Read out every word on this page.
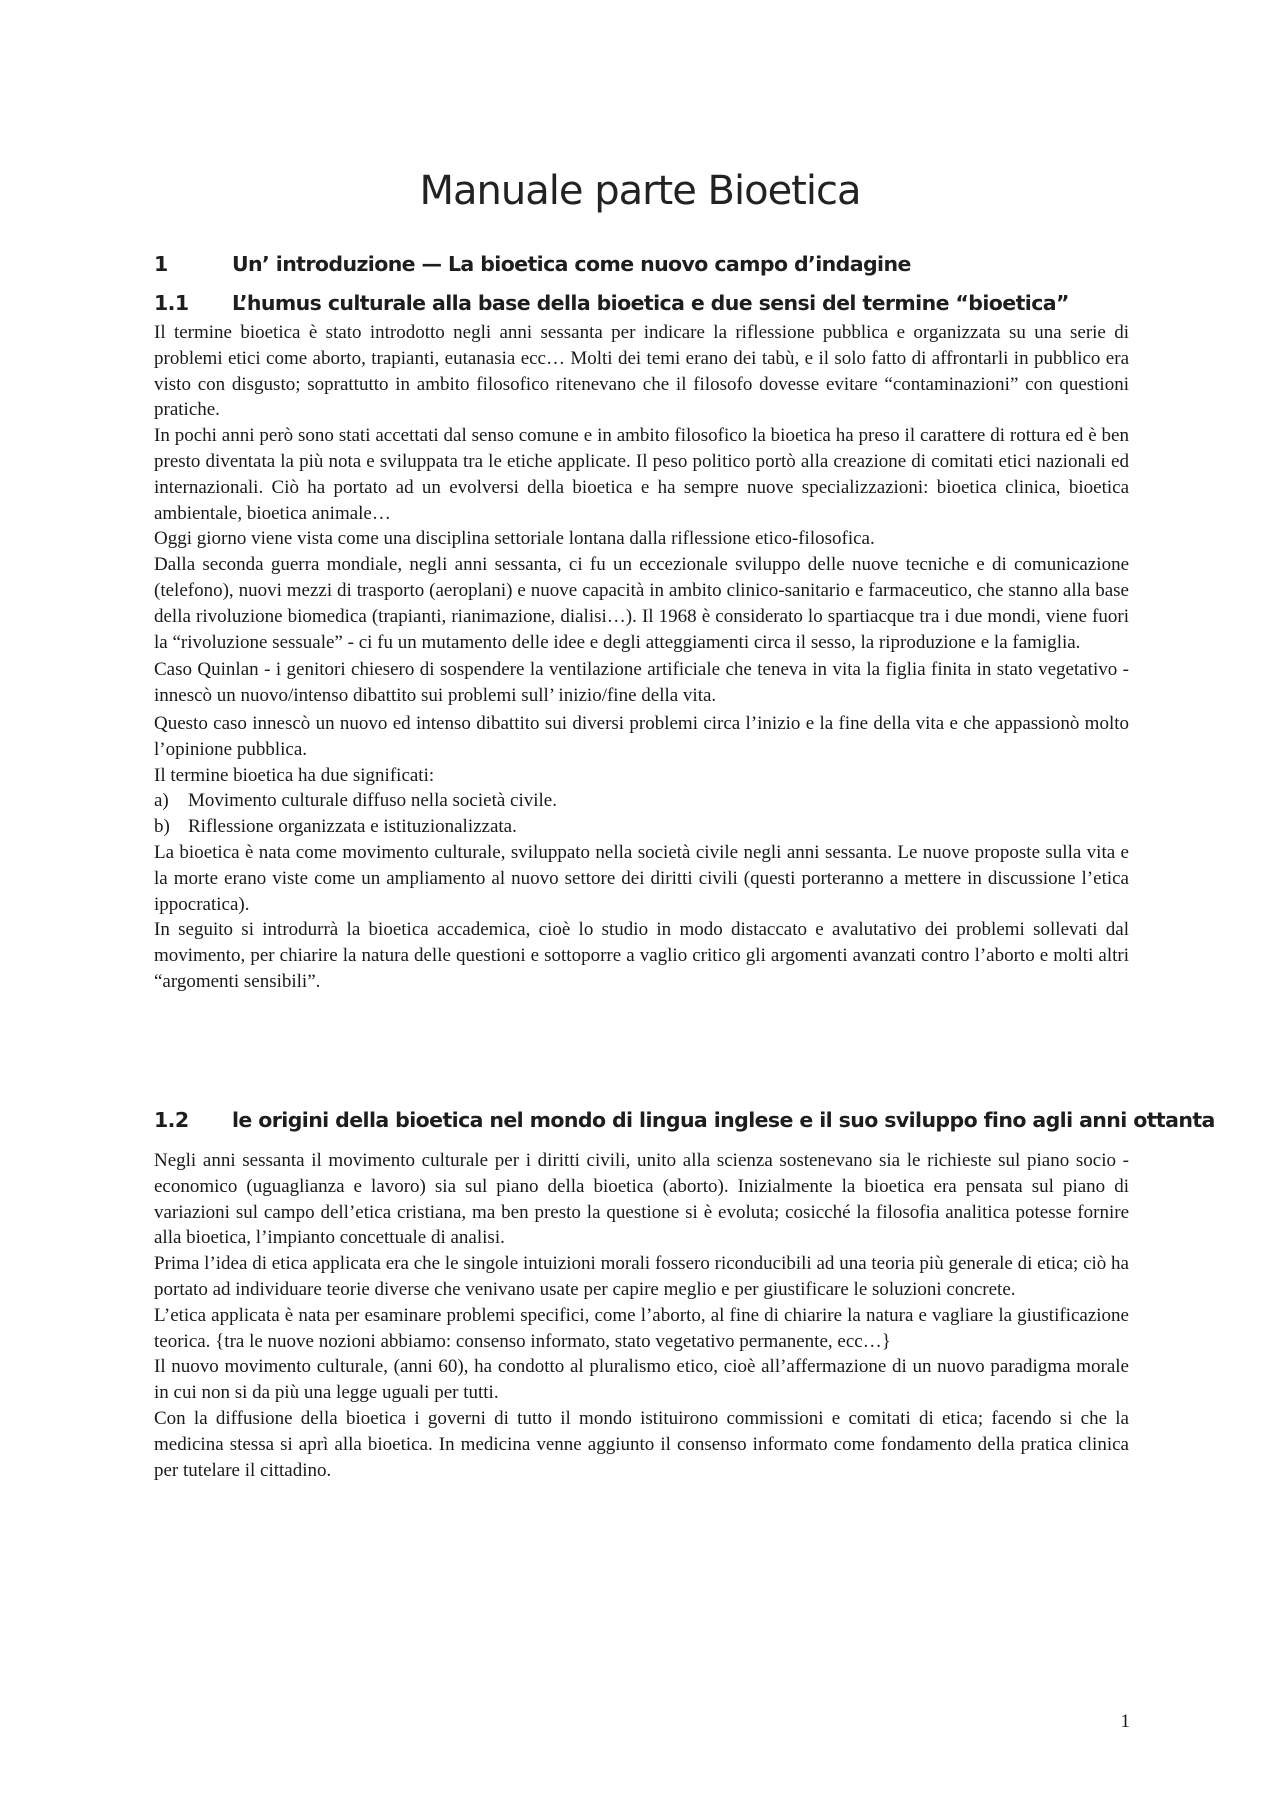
Manuale parte Bioetica
1	Un’ introduzione — La bioetica come nuovo campo d’indagine
1.1 L’humus culturale alla base della bioetica e due sensi del termine “bioetica”

Il termine bioetica è stato introdotto negli anni sessanta per indicare la riflessione pubblica e organizzata su una serie di problemi etici come aborto, trapianti, eutanasia ecc… Molti dei temi erano dei tabù, e il solo fatto di affrontarli in pubblico era visto con disgusto; soprattutto in ambito filosofico ritenevano che il filosofo dovesse evitare “contaminazioni” con questioni pratiche.

In pochi anni però sono stati accettati dal senso comune e in ambito filosofico la bioetica ha preso il carattere di rottura ed è ben presto diventata la più nota e sviluppata tra le etiche applicate. Il peso politico portò alla creazione di comitati etici nazionali ed internazionali. Ciò ha portato ad un evolversi della bioetica e ha sempre nuove specializzazioni: bioetica clinica, bioetica ambientale, bioetica animale…

Oggi giorno viene vista come una disciplina settoriale lontana dalla riflessione etico-filosofica.

Dalla seconda guerra mondiale, negli anni sessanta, ci fu un eccezionale sviluppo delle nuove tecniche e di comunicazione (telefono), nuovi mezzi di trasporto (aeroplani) e nuove capacità in ambito clinico-sanitario e farmaceutico, che stanno alla base della rivoluzione biomedica (trapianti, rianimazione, dialisi…). Il 1968 è considerato lo spartiacque tra i due mondi, viene fuori la “rivoluzione sessuale” - ci fu un mutamento delle idee e degli atteggiamenti circa il sesso, la riproduzione e la famiglia.

Caso Quinlan - i genitori chiesero di sospendere la ventilazione artificiale che teneva in vita la figlia finita in stato vegetativo - innescò un nuovo/intenso dibattito sui problemi sull’ inizio/fine della vita.

Questo caso innescò un nuovo ed intenso dibattito sui diversi problemi circa l’inizio e la fine della vita e che appassionò molto l’opinione pubblica.

Il termine bioetica ha due significati:

a) Movimento culturale diffuso nella società civile.
b) Riflessione organizzata e istituzionalizzata.

La bioetica è nata come movimento culturale, sviluppato nella società civile negli anni sessanta. Le nuove proposte sulla vita e la morte erano viste come un ampliamento al nuovo settore dei diritti civili (questi porteranno a mettere in discussione l’etica ippocratica).

In seguito si introdurrà la bioetica accademica, cioè lo studio in modo distaccato e avalutativo dei problemi sollevati dal movimento, per chiarire la natura delle questioni e sottoporre a vaglio critico gli argomenti avanzati contro l’aborto e molti altri “argomenti sensibili”.

1.2 le origini della bioetica nel mondo di lingua inglese e il suo sviluppo fino agli anni ottanta

Negli anni sessanta il movimento culturale per i diritti civili, unito alla scienza sostenevano sia le richieste sul piano socio - economico (uguaglianza e lavoro) sia sul piano della bioetica (aborto). Inizialmente la bioetica era pensata sul piano di variazioni sul campo dell’etica cristiana, ma ben presto la questione si è evoluta; cosicché la filosofia analitica potesse fornire alla bioetica, l’impianto concettuale di analisi.

Prima l’idea di etica applicata era che le singole intuizioni morali fossero riconducibili ad una teoria più generale di etica; ciò ha portato ad individuare teorie diverse che venivano usate per capire meglio e per giustificare le soluzioni concrete.

L’etica applicata è nata per esaminare problemi specifici, come l’aborto, al fine di chiarire la natura e vagliare la giustificazione teorica. {tra le nuove nozioni abbiamo: consenso informato, stato vegetativo permanente, ecc…}

Il nuovo movimento culturale, (anni 60), ha condotto al pluralismo etico, cioè all’affermazione di un nuovo paradigma morale in cui non si da più una legge uguali per tutti.

Con la diffusione della bioetica i governi di tutto il mondo istituirono commissioni e comitati di etica; facendo si che la medicina stessa si aprì alla bioetica. In medicina venne aggiunto il consenso informato come fondamento della pratica clinica per tutelare il cittadino.

1
